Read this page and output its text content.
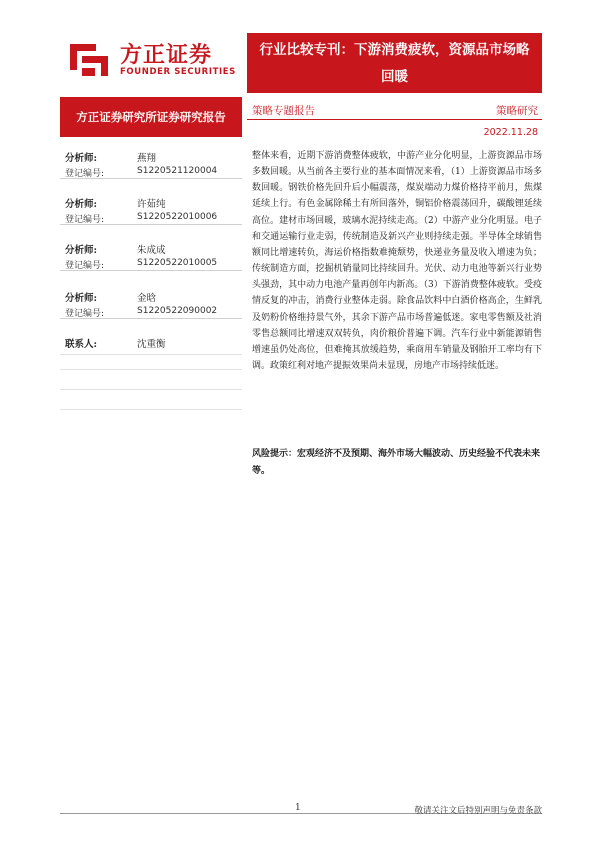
方正证券
FOUNDER SECURITIES
行业比较专刊：下游消费疲软，资源品市场略回暖
方正证券研究所证券研究报告	策略专题报告	策略研究
2022.11.28
分析师:	燕翔
登记编号:	S1220521120004
分析师:	许茹纯
登记编号:	S1220522010006
分析师:	朱成成
登记编号:	S1220522010005
分析师:	金晗
登记编号:	S1220522090002
联系人:	沈重衡
整体来看，近期下游消费整体疲软，中游产业分化明显，上游资源品市场多数回暖。从当前各主要行业的基本面情况来看，（1）上游资源品市场多数回暖。钢铁价格先回升后小幅震荡，煤炭端动力煤价格持平前月，焦煤延续上行。有色金属除稀土有所回落外，铜铝价格震荡回升，碳酸锂延续高位。建材市场回暖，玻璃水泥持续走高。（2）中游产业分化明显。电子和交通运输行业走弱，传统制造及新兴产业则持续走强。半导体全球销售额同比增速转负，海运价格指数难掩颓势，快递业务量及收入增速为负；传统制造方面，挖掘机销量同比持续回升。光伏、动力电池等新兴行业势头强劲，其中动力电池产量再创年内新高。（3）下游消费整体疲软。受疫情反复的冲击，消费行业整体走弱。除食品饮料中白酒价格高企，生鲜乳及奶粉价格维持景气外，其余下游产品市场普遍低迷。家电零售额及社消零售总额同比增速双双转负，肉价粮价普遍下调。汽车行业中新能源销售增速虽仍处高位，但难掩其放缓趋势，乘商用车销量及钢胎开工率均有下调。政策红利对地产提振效果尚未显现，房地产市场持续低迷。
风险提示：宏观经济不及预期、海外市场大幅波动、历史经验不代表未来等。
1	敬请关注文后特别声明与免责条款
